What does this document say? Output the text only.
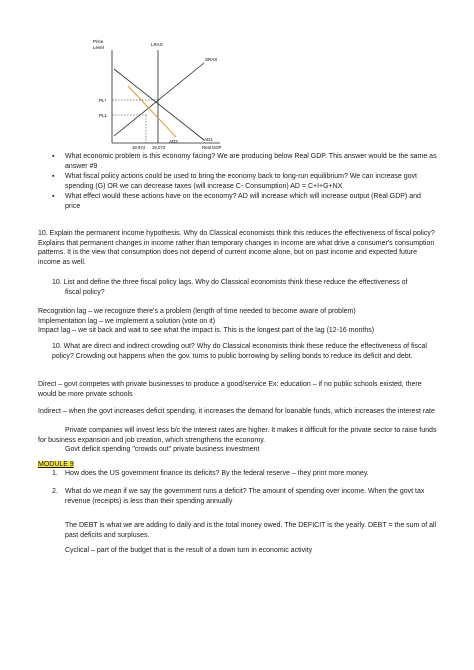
Price
Level
LRAS
SRAS
AD1
AD2
PL*
PL1
18,974 19,073	Real GDP
▪ What economic problem is this economy facing? We are producing below Real GDP. This answer would be the same as answer #9
▪ What fiscal policy actions could be used to bring the economy back to long-run equilibrium? We can increase govt spending (G) OR we can decrease taxes (will increase C- Consumption) AD = C+I+G+NX
▪ What effect would these actions have on the economy? AD will increase which will increase output (Real GDP) and price
10. Explain the permanent income hypothesis. Why do Classical economists think this reduces the effectiveness of fiscal policy? Explains that permanent changes in income rather than temporary changes in income are what drive a consumer's consumption patterns. It is the view that consumption does not depend of current income alone, but on past income and expected future income as well.
10. List and define the three fiscal policy lags. Why do Classical economists think these reduce the effectiveness of
fiscal policy?
Recognition lag – we recognize there's a problem (length of time needed to become aware of problem)
Implementation lag – we implement a solution (vote on it)
Impact lag – we sit back and wait to see what the impact is. This is the longest part of the lag (12-16 months)
10. What are direct and indirect crowding out? Why do Classical economists think these reduce the effectiveness of fiscal policy? Crowding out happens when the gov. turns to public borrowing by selling bonds to reduce its deficit and debt.
Direct – govt competes with private businesses to produce a good/service Ex: education – if no public schools existed, there would be more private schools
Indirect – when the govt increases deficit spending, it increases the demand for loanable funds, which increases the interest rate
Private companies will invest less b/c the interest rates are higher. It makes it difficult for the private sector to raise funds for business expansion and job creation, which strengthens the economy.
Govt deficit spending "crowds out" private business investment
MODULE 9
1. How does the US government finance its deficits? By the federal reserve – they print more money.
2. What do we mean if we say the government runs a deficit? The amount of spending over income. When the govt tax revenue (receipts) is less than their spending annually
The DEBT is what we are adding to daily and is the total money owed. The DEFICIT is the yearly. DEBT = the sum of all past deficits and surpluses.
Cyclical – part of the budget that is the result of a down turn in economic activity
